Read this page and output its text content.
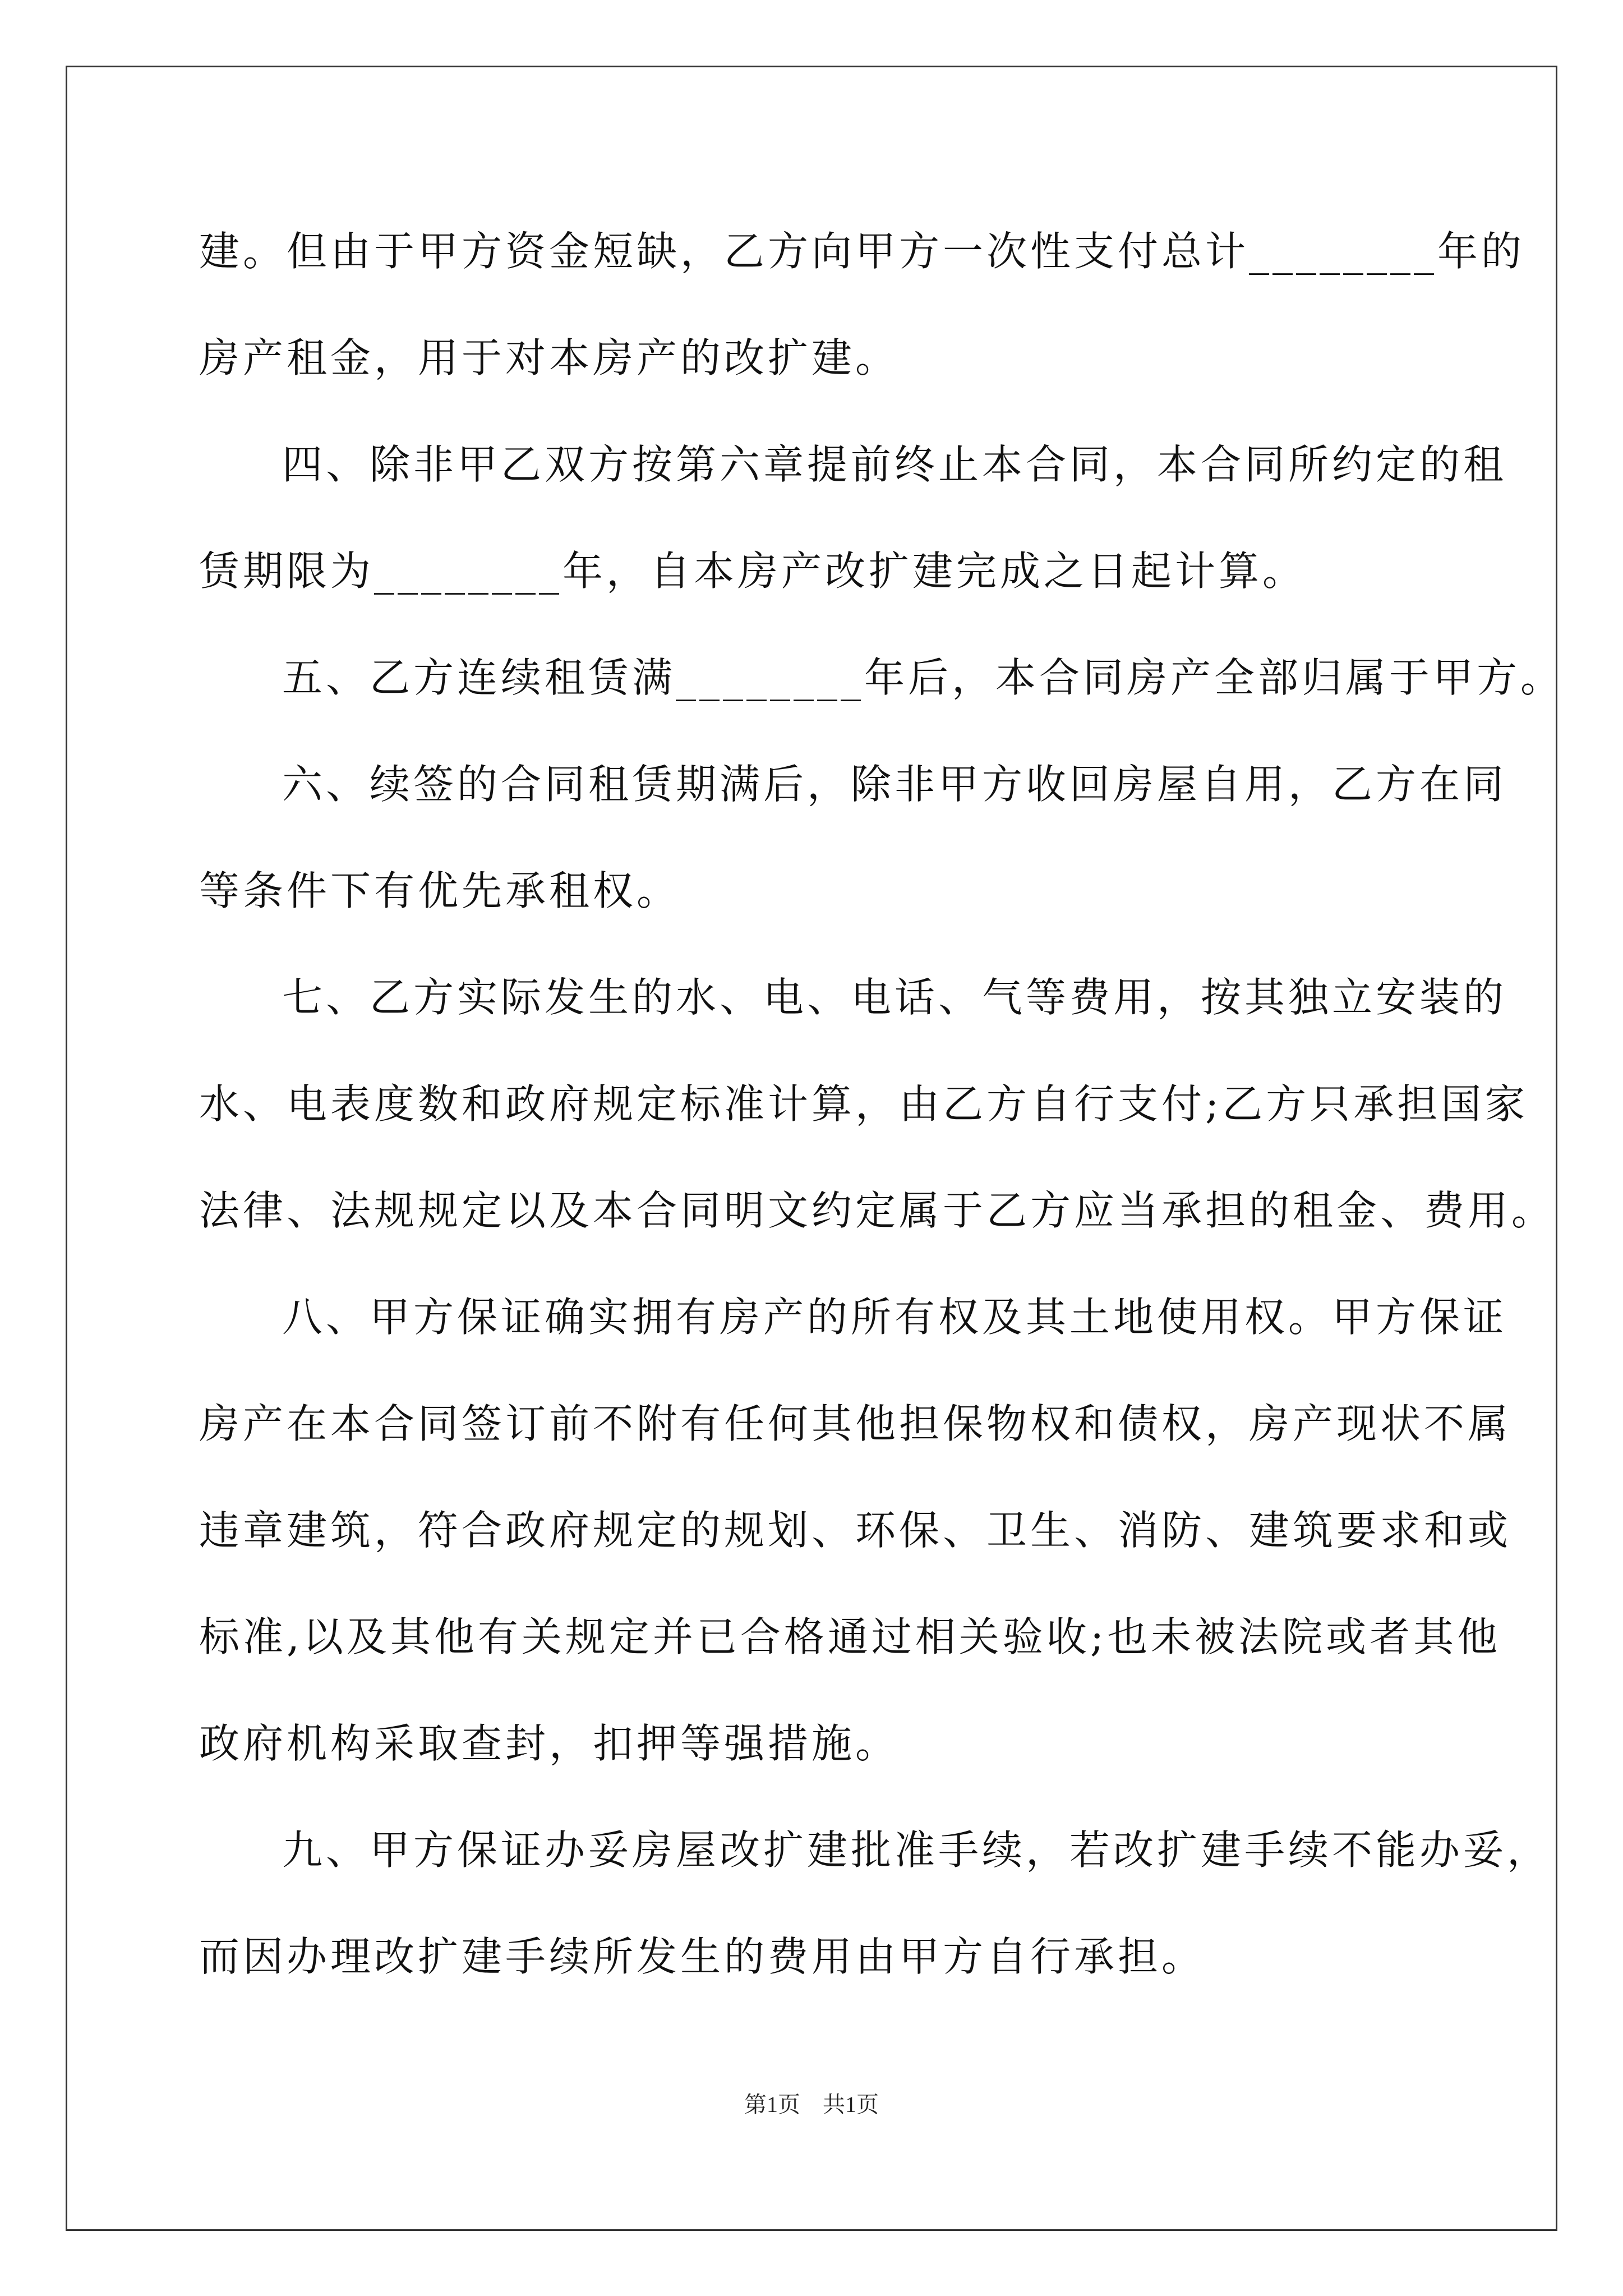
建。但由于甲方资金短缺，乙方向甲方一次性支付总计________年的
房产租金，用于对本房产的改扩建。
四、除非甲乙双方按第六章提前终止本合同，本合同所约定的租
赁期限为________年，自本房产改扩建完成之日起计算。
五、乙方连续租赁满________年后，本合同房产全部归属于甲方。
六、续签的合同租赁期满后，除非甲方收回房屋自用，乙方在同
等条件下有优先承租权。
七、乙方实际发生的水、电、电话、气等费用，按其独立安装的
水、电表度数和政府规定标准计算，由乙方自行支付;乙方只承担国家
法律、法规规定以及本合同明文约定属于乙方应当承担的租金、费用。
八、甲方保证确实拥有房产的所有权及其土地使用权。甲方保证
房产在本合同签订前不附有任何其他担保物权和债权，房产现状不属
违章建筑，符合政府规定的规划、环保、卫生、消防、建筑要求和或
标准,以及其他有关规定并已合格通过相关验收;也未被法院或者其他
政府机构采取查封，扣押等强措施。
九、甲方保证办妥房屋改扩建批准手续，若改扩建手续不能办妥，
而因办理改扩建手续所发生的费用由甲方自行承担。
第1页　共1页
